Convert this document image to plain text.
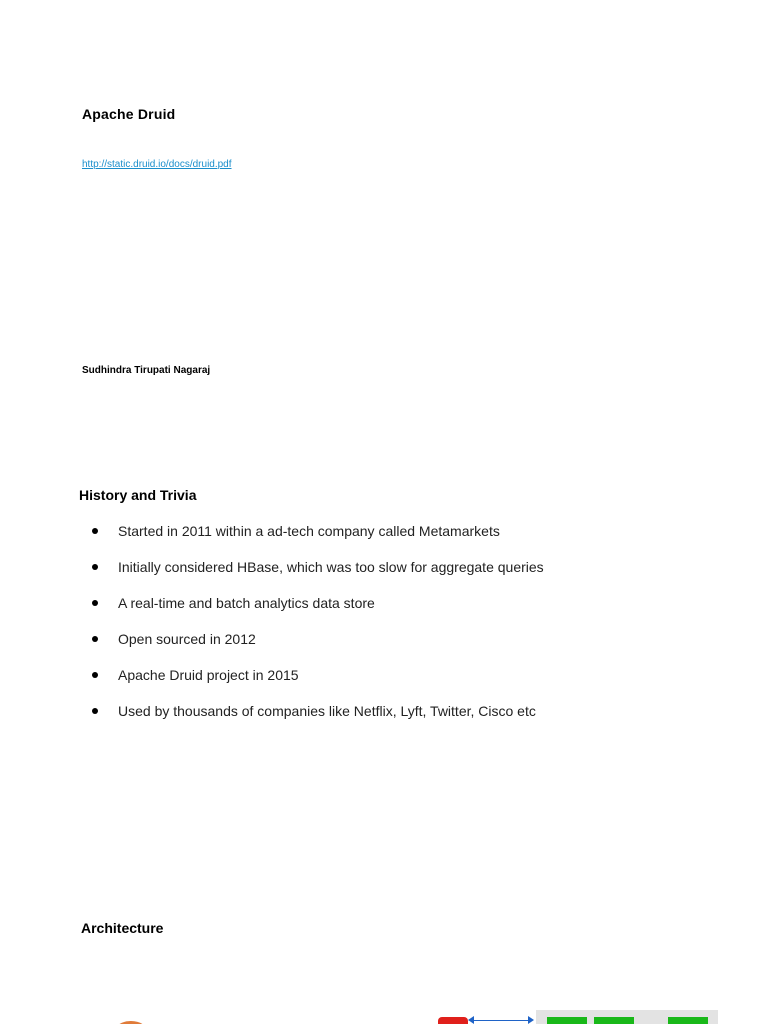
Apache Druid
http://static.druid.io/docs/druid.pdf
Sudhindra Tirupati Nagaraj
History and Trivia
Started in 2011 within a ad-tech company called Metamarkets
Initially considered HBase, which was too slow for aggregate queries
A real-time and batch analytics data store
Open sourced in 2012
Apache Druid project in 2015
Used by thousands of companies like Netflix, Lyft, Twitter, Cisco etc
Architecture
